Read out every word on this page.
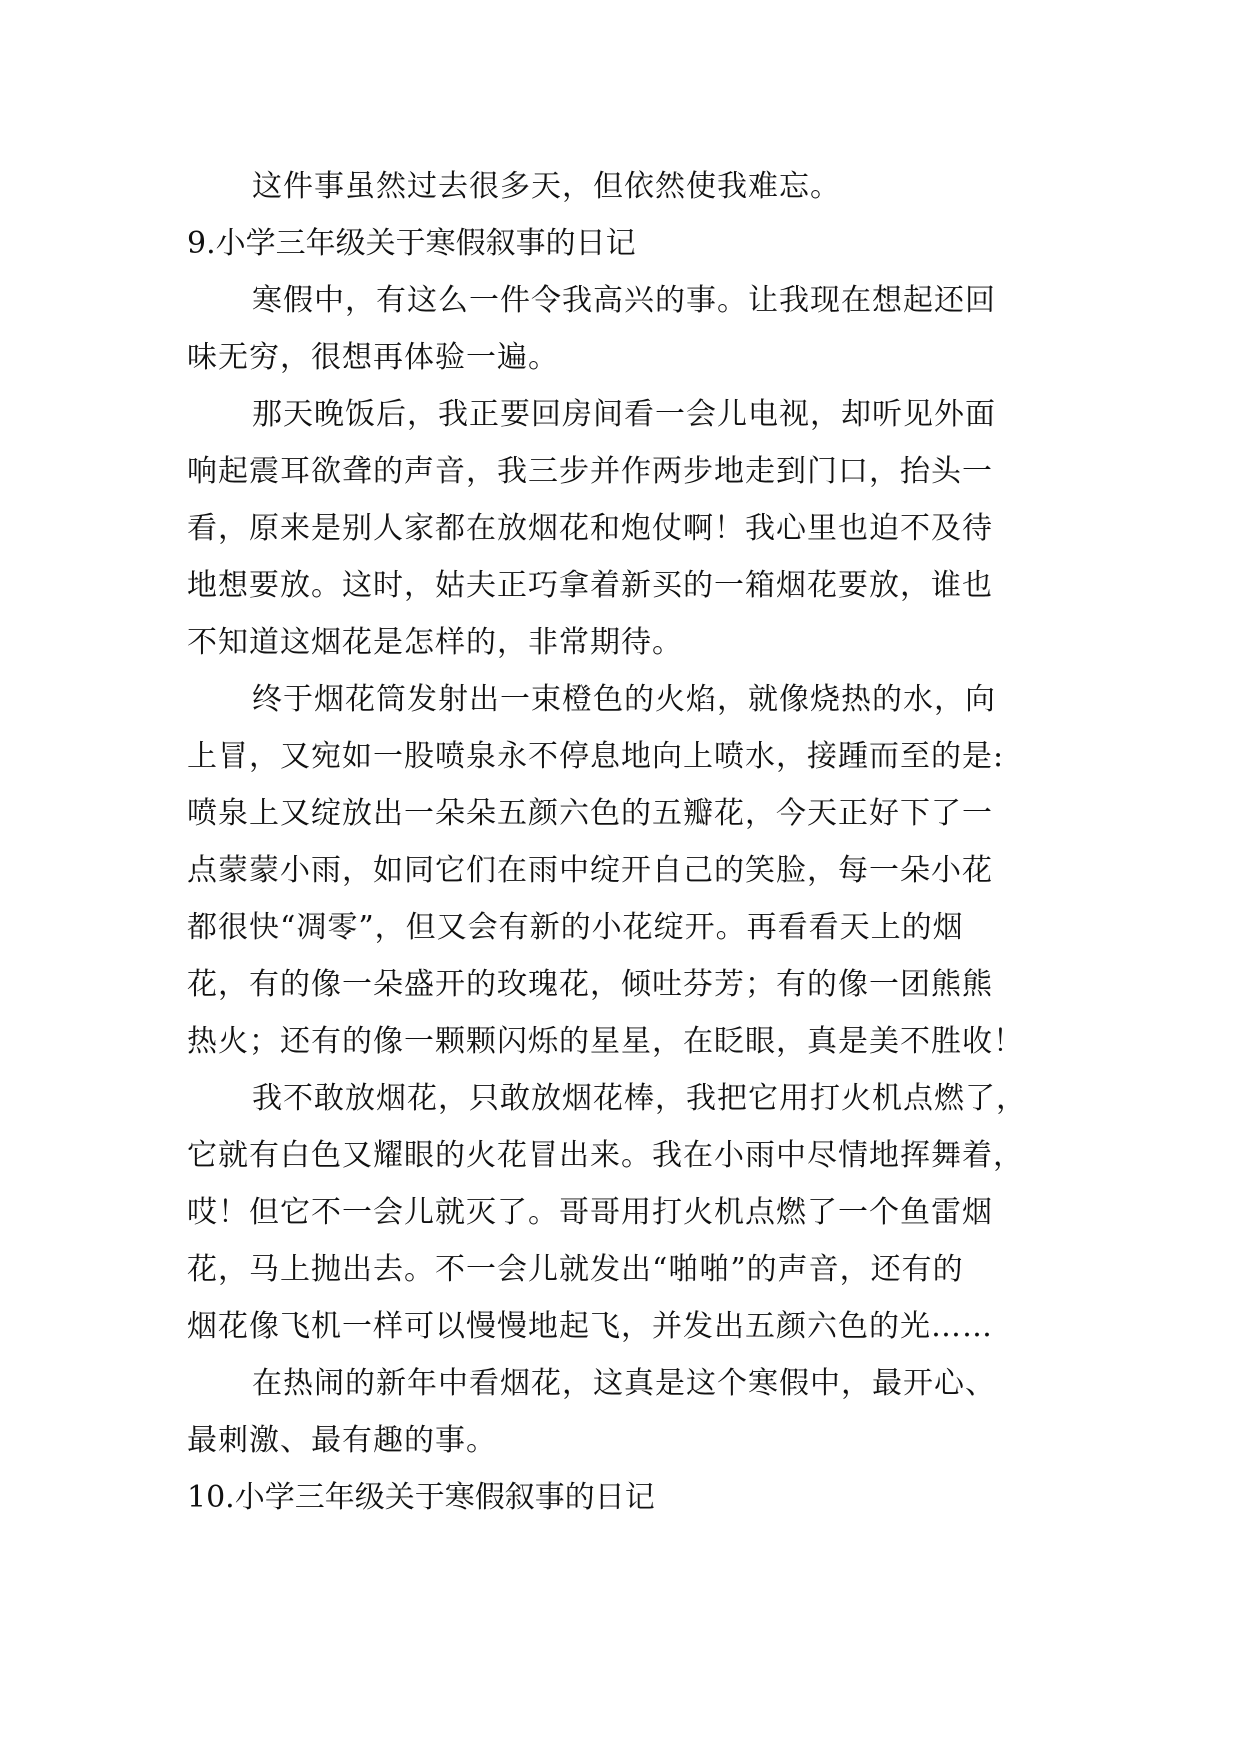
这件事虽然过去很多天，但依然使我难忘。
9.小学三年级关于寒假叙事的日记
寒假中，有这么一件令我高兴的事。让我现在想起还回
味无穷，很想再体验一遍。
那天晚饭后，我正要回房间看一会儿电视，却听见外面
响起震耳欲聋的声音，我三步并作两步地走到门口，抬头一
看，原来是别人家都在放烟花和炮仗啊！我心里也迫不及待
地想要放。这时，姑夫正巧拿着新买的一箱烟花要放，谁也
不知道这烟花是怎样的，非常期待。
终于烟花筒发射出一束橙色的火焰，就像烧热的水，向
上冒，又宛如一股喷泉永不停息地向上喷水，接踵而至的是:
喷泉上又绽放出一朵朵五颜六色的五瓣花，今天正好下了一
点蒙蒙小雨，如同它们在雨中绽开自己的笑脸，每一朵小花
都很快“凋零”，但又会有新的小花绽开。再看看天上的烟
花，有的像一朵盛开的玫瑰花，倾吐芬芳；有的像一团熊熊
热火；还有的像一颗颗闪烁的星星，在眨眼，真是美不胜收！
我不敢放烟花，只敢放烟花棒，我把它用打火机点燃了，
它就有白色又耀眼的火花冒出来。我在小雨中尽情地挥舞着，
哎！但它不一会儿就灭了。哥哥用打火机点燃了一个鱼雷烟
花，马上抛出去。不一会儿就发出“啪啪”的声音，还有的
烟花像飞机一样可以慢慢地起飞，并发出五颜六色的光……
在热闹的新年中看烟花，这真是这个寒假中，最开心、
最刺激、最有趣的事。
10.小学三年级关于寒假叙事的日记
